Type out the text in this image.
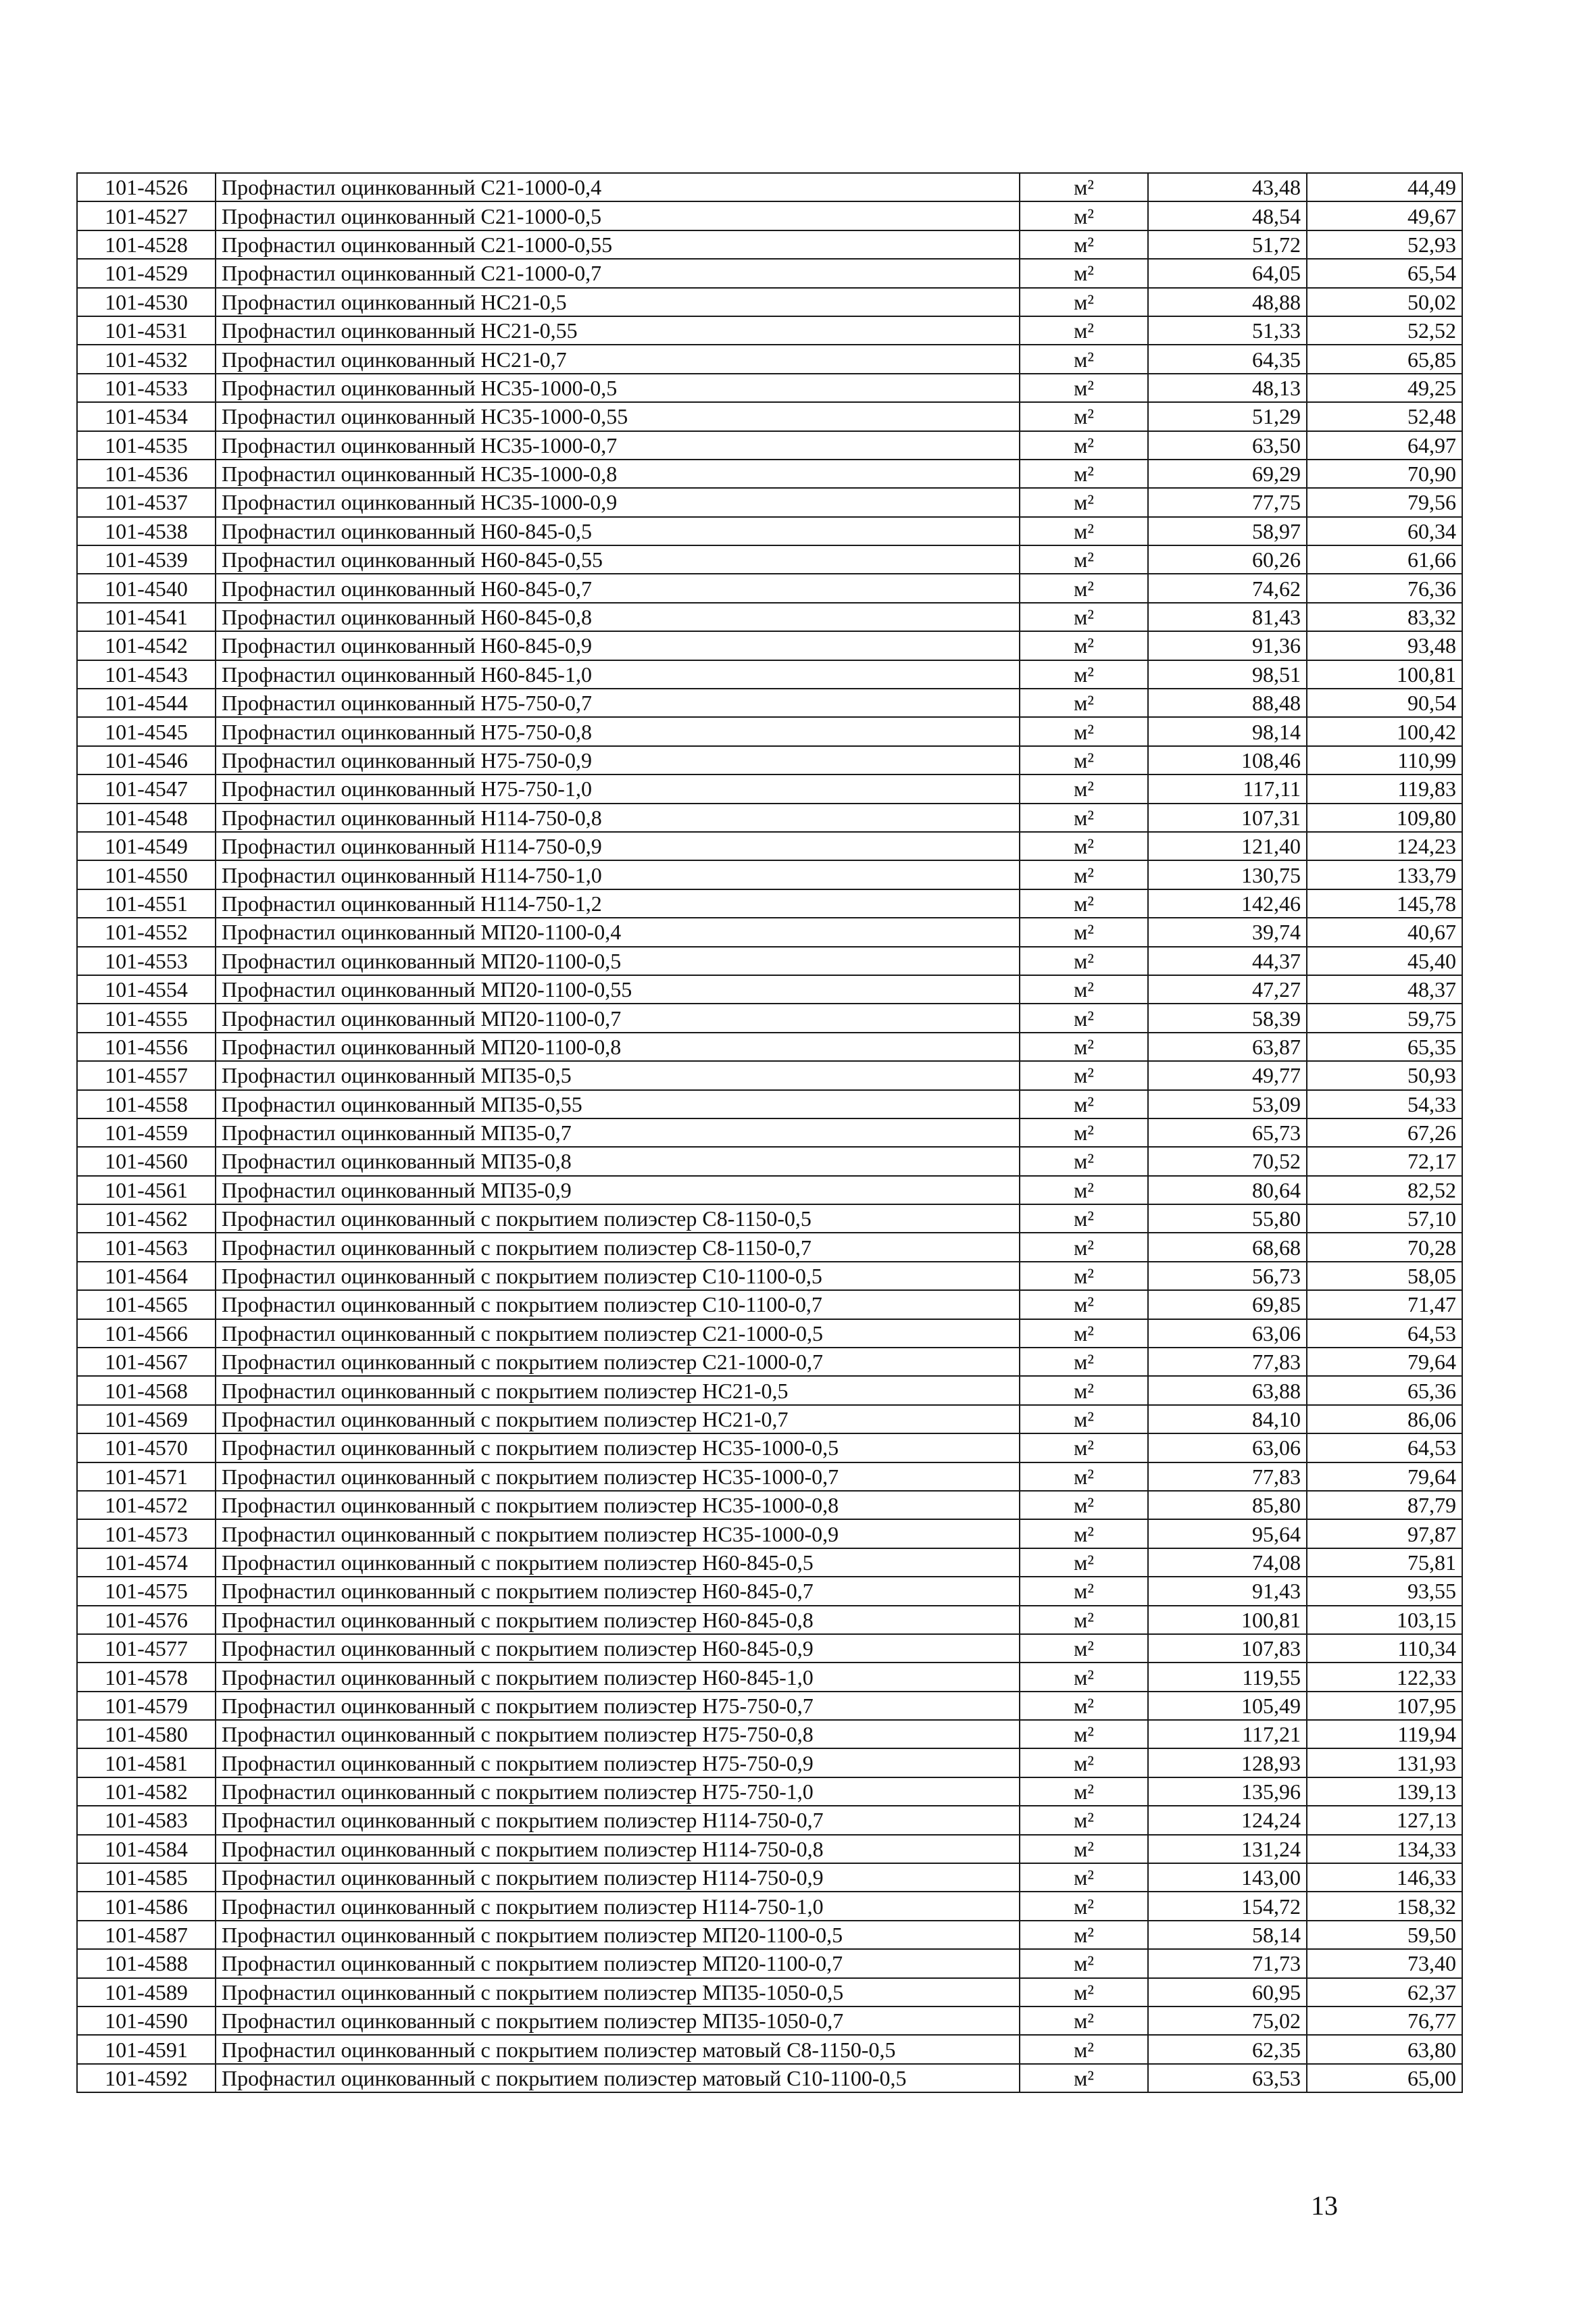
101-4526	Профнастил оцинкованный С21-1000-0,4	м²	43,48	44,49
101-4527	Профнастил оцинкованный С21-1000-0,5	м²	48,54	49,67
101-4528	Профнастил оцинкованный С21-1000-0,55	м²	51,72	52,93
101-4529	Профнастил оцинкованный С21-1000-0,7	м²	64,05	65,54
101-4530	Профнастил оцинкованный НС21-0,5	м²	48,88	50,02
101-4531	Профнастил оцинкованный НС21-0,55	м²	51,33	52,52
101-4532	Профнастил оцинкованный НС21-0,7	м²	64,35	65,85
101-4533	Профнастил оцинкованный НС35-1000-0,5	м²	48,13	49,25
101-4534	Профнастил оцинкованный НС35-1000-0,55	м²	51,29	52,48
101-4535	Профнастил оцинкованный НС35-1000-0,7	м²	63,50	64,97
101-4536	Профнастил оцинкованный НС35-1000-0,8	м²	69,29	70,90
101-4537	Профнастил оцинкованный НС35-1000-0,9	м²	77,75	79,56
101-4538	Профнастил оцинкованный Н60-845-0,5	м²	58,97	60,34
101-4539	Профнастил оцинкованный Н60-845-0,55	м²	60,26	61,66
101-4540	Профнастил оцинкованный Н60-845-0,7	м²	74,62	76,36
101-4541	Профнастил оцинкованный Н60-845-0,8	м²	81,43	83,32
101-4542	Профнастил оцинкованный Н60-845-0,9	м²	91,36	93,48
101-4543	Профнастил оцинкованный Н60-845-1,0	м²	98,51	100,81
101-4544	Профнастил оцинкованный Н75-750-0,7	м²	88,48	90,54
101-4545	Профнастил оцинкованный Н75-750-0,8	м²	98,14	100,42
101-4546	Профнастил оцинкованный Н75-750-0,9	м²	108,46	110,99
101-4547	Профнастил оцинкованный Н75-750-1,0	м²	117,11	119,83
101-4548	Профнастил оцинкованный Н114-750-0,8	м²	107,31	109,80
101-4549	Профнастил оцинкованный Н114-750-0,9	м²	121,40	124,23
101-4550	Профнастил оцинкованный Н114-750-1,0	м²	130,75	133,79
101-4551	Профнастил оцинкованный Н114-750-1,2	м²	142,46	145,78
101-4552	Профнастил оцинкованный МП20-1100-0,4	м²	39,74	40,67
101-4553	Профнастил оцинкованный МП20-1100-0,5	м²	44,37	45,40
101-4554	Профнастил оцинкованный МП20-1100-0,55	м²	47,27	48,37
101-4555	Профнастил оцинкованный МП20-1100-0,7	м²	58,39	59,75
101-4556	Профнастил оцинкованный МП20-1100-0,8	м²	63,87	65,35
101-4557	Профнастил оцинкованный МП35-0,5	м²	49,77	50,93
101-4558	Профнастил оцинкованный МП35-0,55	м²	53,09	54,33
101-4559	Профнастил оцинкованный МП35-0,7	м²	65,73	67,26
101-4560	Профнастил оцинкованный МП35-0,8	м²	70,52	72,17
101-4561	Профнастил оцинкованный МП35-0,9	м²	80,64	82,52
101-4562	Профнастил оцинкованный с покрытием полиэстер С8-1150-0,5	м²	55,80	57,10
101-4563	Профнастил оцинкованный с покрытием полиэстер С8-1150-0,7	м²	68,68	70,28
101-4564	Профнастил оцинкованный с покрытием полиэстер С10-1100-0,5	м²	56,73	58,05
101-4565	Профнастил оцинкованный с покрытием полиэстер С10-1100-0,7	м²	69,85	71,47
101-4566	Профнастил оцинкованный с покрытием полиэстер С21-1000-0,5	м²	63,06	64,53
101-4567	Профнастил оцинкованный с покрытием полиэстер С21-1000-0,7	м²	77,83	79,64
101-4568	Профнастил оцинкованный с покрытием полиэстер НС21-0,5	м²	63,88	65,36
101-4569	Профнастил оцинкованный с покрытием полиэстер НС21-0,7	м²	84,10	86,06
101-4570	Профнастил оцинкованный с покрытием полиэстер НС35-1000-0,5	м²	63,06	64,53
101-4571	Профнастил оцинкованный с покрытием полиэстер НС35-1000-0,7	м²	77,83	79,64
101-4572	Профнастил оцинкованный с покрытием полиэстер НС35-1000-0,8	м²	85,80	87,79
101-4573	Профнастил оцинкованный с покрытием полиэстер НС35-1000-0,9	м²	95,64	97,87
101-4574	Профнастил оцинкованный с покрытием полиэстер Н60-845-0,5	м²	74,08	75,81
101-4575	Профнастил оцинкованный с покрытием полиэстер Н60-845-0,7	м²	91,43	93,55
101-4576	Профнастил оцинкованный с покрытием полиэстер Н60-845-0,8	м²	100,81	103,15
101-4577	Профнастил оцинкованный с покрытием полиэстер Н60-845-0,9	м²	107,83	110,34
101-4578	Профнастил оцинкованный с покрытием полиэстер Н60-845-1,0	м²	119,55	122,33
101-4579	Профнастил оцинкованный с покрытием полиэстер Н75-750-0,7	м²	105,49	107,95
101-4580	Профнастил оцинкованный с покрытием полиэстер Н75-750-0,8	м²	117,21	119,94
101-4581	Профнастил оцинкованный с покрытием полиэстер Н75-750-0,9	м²	128,93	131,93
101-4582	Профнастил оцинкованный с покрытием полиэстер Н75-750-1,0	м²	135,96	139,13
101-4583	Профнастил оцинкованный с покрытием полиэстер Н114-750-0,7	м²	124,24	127,13
101-4584	Профнастил оцинкованный с покрытием полиэстер Н114-750-0,8	м²	131,24	134,33
101-4585	Профнастил оцинкованный с покрытием полиэстер Н114-750-0,9	м²	143,00	146,33
101-4586	Профнастил оцинкованный с покрытием полиэстер Н114-750-1,0	м²	154,72	158,32
101-4587	Профнастил оцинкованный с покрытием полиэстер МП20-1100-0,5	м²	58,14	59,50
101-4588	Профнастил оцинкованный с покрытием полиэстер МП20-1100-0,7	м²	71,73	73,40
101-4589	Профнастил оцинкованный с покрытием полиэстер МП35-1050-0,5	м²	60,95	62,37
101-4590	Профнастил оцинкованный с покрытием полиэстер МП35-1050-0,7	м²	75,02	76,77
101-4591	Профнастил оцинкованный с покрытием полиэстер матовый С8-1150-0,5	м²	62,35	63,80
101-4592	Профнастил оцинкованный с покрытием полиэстер матовый С10-1100-0,5	м²	63,53	65,00
13
